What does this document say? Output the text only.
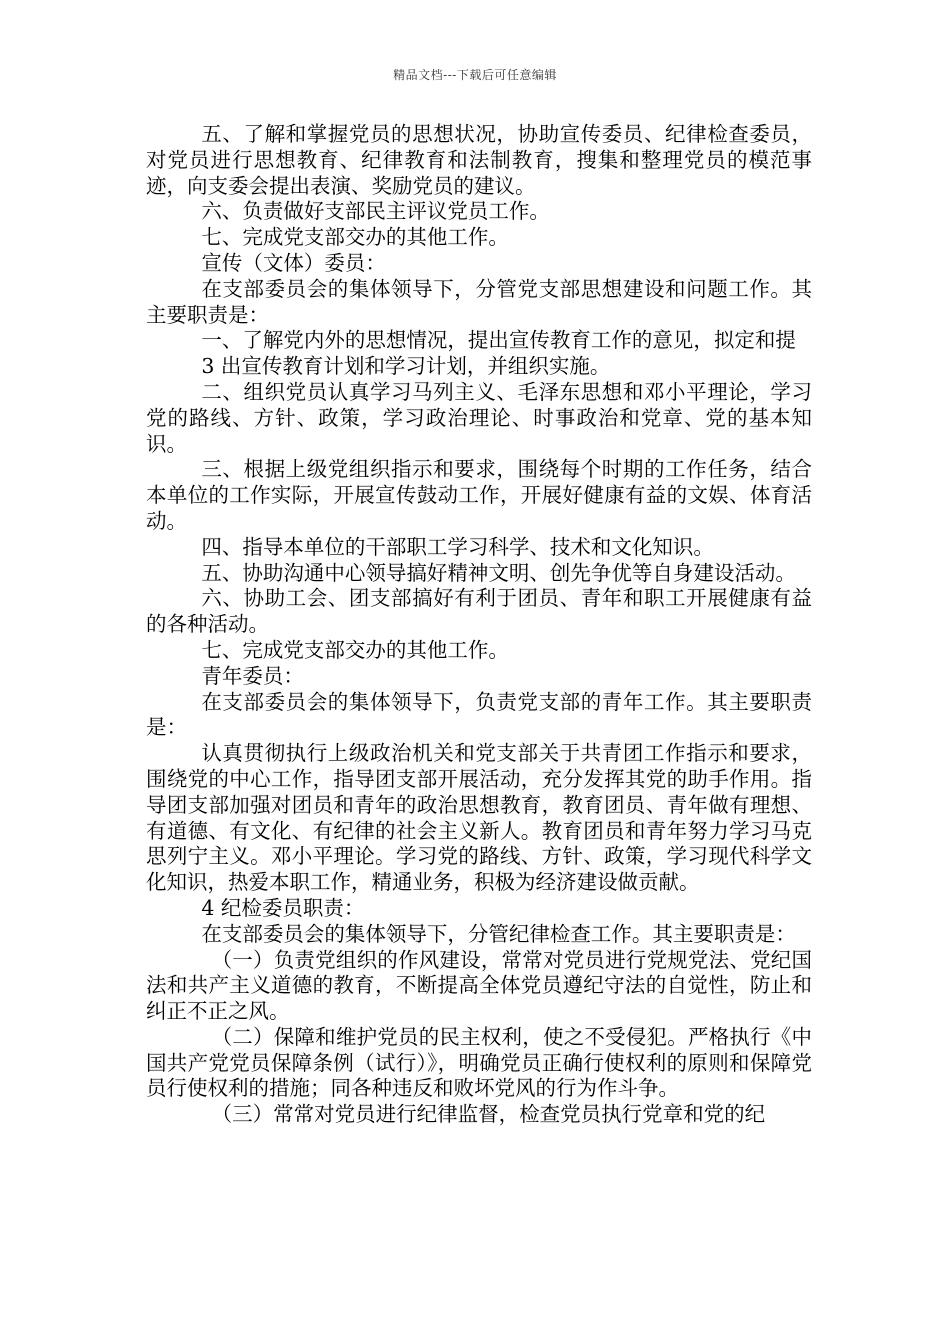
精品文档---下载后可任意编辑

五、了解和掌握党员的思想状况，协助宣传委员、纪律检查委员，对党员进行思想教育、纪律教育和法制教育，搜集和整理党员的模范事迹，向支委会提出表演、奖励党员的建议。

六、负责做好支部民主评议党员工作。

七、完成党支部交办的其他工作。

宣传（文体）委员：

在支部委员会的集体领导下，分管党支部思想建设和问题工作。其主要职责是：

一、了解党内外的思想情况，提出宣传教育工作的意见，拟定和提

3 出宣传教育计划和学习计划，并组织实施。

二、组织党员认真学习马列主义、毛泽东思想和邓小平理论，学习党的路线、方针、政策，学习政治理论、时事政治和党章、党的基本知识。

三、根据上级党组织指示和要求，围绕每个时期的工作任务，结合本单位的工作实际，开展宣传鼓动工作，开展好健康有益的文娱、体育活动。

四、指导本单位的干部职工学习科学、技术和文化知识。

五、协助沟通中心领导搞好精神文明、创先争优等自身建设活动。

六、协助工会、团支部搞好有利于团员、青年和职工开展健康有益的各种活动。

七、完成党支部交办的其他工作。

青年委员：

在支部委员会的集体领导下，负责党支部的青年工作。其主要职责是：

认真贯彻执行上级政治机关和党支部关于共青团工作指示和要求，围绕党的中心工作，指导团支部开展活动，充分发挥其党的助手作用。指导团支部加强对团员和青年的政治思想教育，教育团员、青年做有理想、有道德、有文化、有纪律的社会主义新人。教育团员和青年努力学习马克思列宁主义。邓小平理论。学习党的路线、方针、政策，学习现代科学文化知识，热爱本职工作，精通业务，积极为经济建设做贡献。

4 纪检委员职责：

在支部委员会的集体领导下，分管纪律检查工作。其主要职责是：

（一）负责党组织的作风建设，常常对党员进行党规党法、党纪国法和共产主义道德的教育，不断提高全体党员遵纪守法的自觉性，防止和纠正不正之风。

（二）保障和维护党员的民主权利，使之不受侵犯。严格执行《中国共产党党员保障条例（试行）》，明确党员正确行使权利的原则和保障党员行使权利的措施；同各种违反和败坏党风的行为作斗争。

（三）常常对党员进行纪律监督，检查党员执行党章和党的纪
